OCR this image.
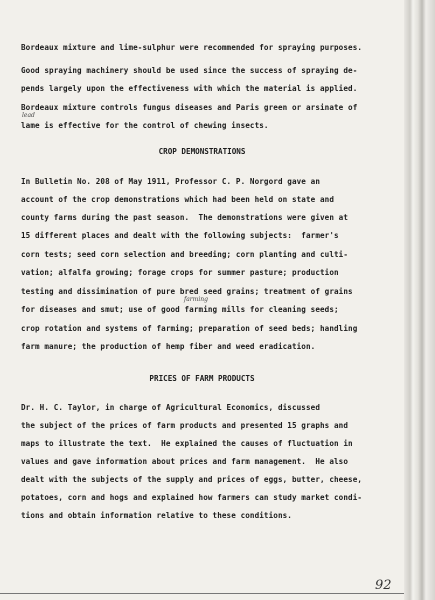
Bordeaux mixture and lime-sulphur were recommended for spraying purposes.
Good spraying machinery should be used since the success of spraying de-
pends largely upon the effectiveness with which the material is applied.
Bordeaux mixture controls fungus diseases and Paris green or arsinate of
lead
lame is effective for the control of chewing insects.
CROP DEMONSTRATIONS
In Bulletin No. 208 of May 1911, Professor C. P. Norgord gave an
account of the crop demonstrations which had been held on state and
county farms during the past season.  The demonstrations were given at
15 different places and dealt with the following subjects:  farmer's
corn tests; seed corn selection and breeding; corn planting and culti-
vation; alfalfa growing; forage crops for summer pasture; production
testing and dissimination of pure bred seed grains; treatment of grains
farming
for diseases and smut; use of good farming mills for cleaning seeds;
crop rotation and systems of farming; preparation of seed beds; handling
farm manure; the production of hemp fiber and weed eradication.
PRICES OF FARM PRODUCTS
Dr. H. C. Taylor, in charge of Agricultural Economics, discussed
the subject of the prices of farm products and presented 15 graphs and
maps to illustrate the text.  He explained the causes of fluctuation in
values and gave information about prices and farm management.  He also
dealt with the subjects of the supply and prices of eggs, butter, cheese,
potatoes, corn and hogs and explained how farmers can study market condi-
tions and obtain information relative to these conditions.
92
